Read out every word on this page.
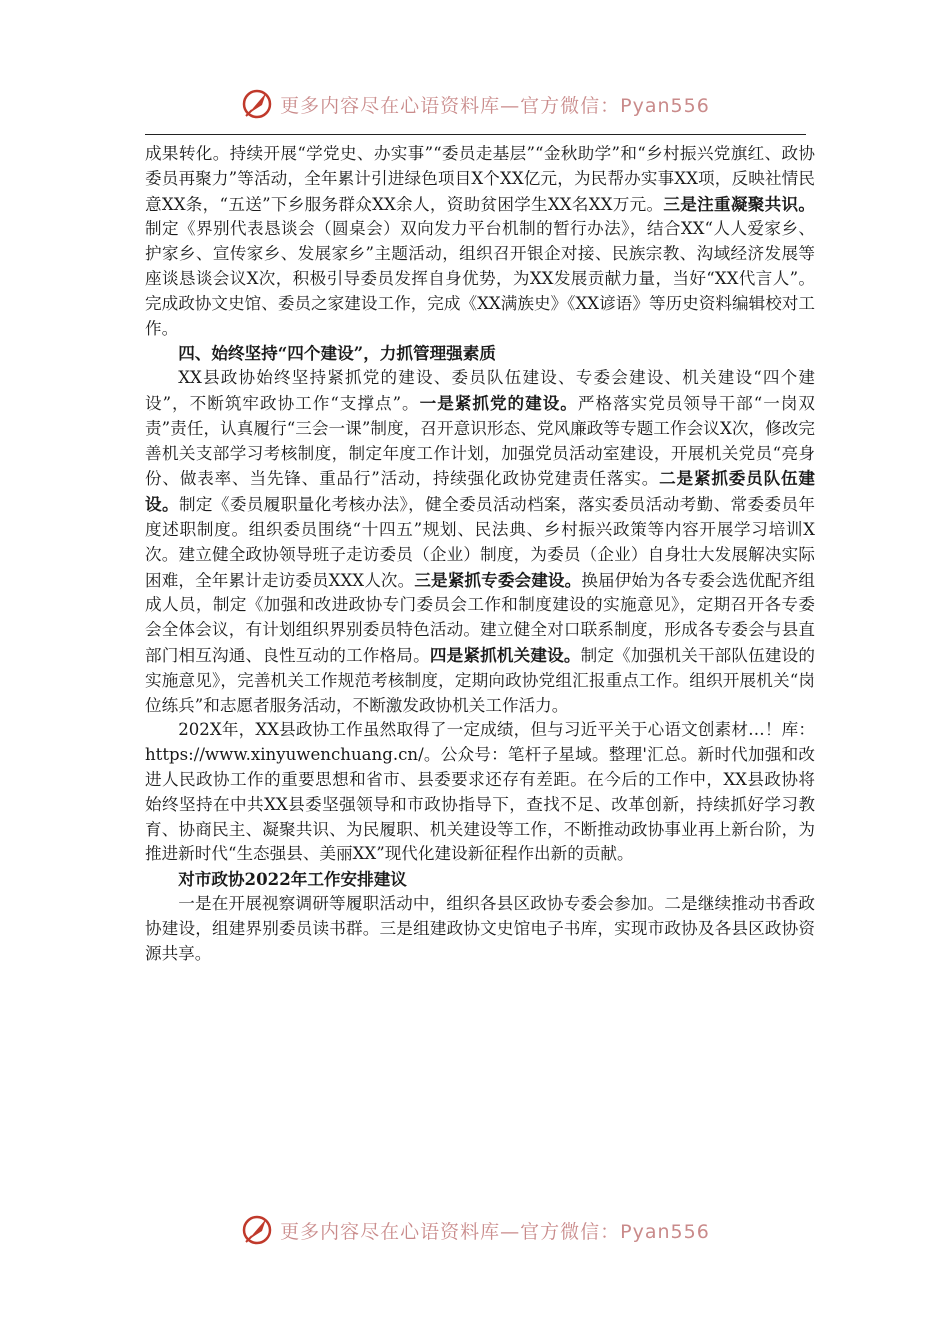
更多内容尽在心语资料库—官方微信：Pyan556

成果转化。持续开展“学党史、办实事”“委员走基层”“金秋助学”和“乡村振兴党旗红、政协委员再聚力”等活动，全年累计引进绿色项目X个XX亿元，为民帮办实事XX项，反映社情民意XX条，“五送”下乡服务群众XX余人，资助贫困学生XX名XX万元。三是注重凝聚共识。制定《界别代表恳谈会（圆桌会）双向发力平台机制的暂行办法》，结合XX“人人爱家乡、护家乡、宣传家乡、发展家乡”主题活动，组织召开银企对接、民族宗教、沟域经济发展等座谈恳谈会议X次，积极引导委员发挥自身优势，为XX发展贡献力量，当好“XX代言人”。完成政协文史馆、委员之家建设工作，完成《XX满族史》《XX谚语》等历史资料编辑校对工作。

四、始终坚持“四个建设”，力抓管理强素质

XX县政协始终坚持紧抓党的建设、委员队伍建设、专委会建设、机关建设“四个建设”，不断筑牢政协工作“支撑点”。一是紧抓党的建设。严格落实党员领导干部“一岗双责”责任，认真履行“三会一课”制度，召开意识形态、党风廉政等专题工作会议X次，修改完善机关支部学习考核制度，制定年度工作计划，加强党员活动室建设，开展机关党员“亮身份、做表率、当先锋、重品行”活动，持续强化政协党建责任落实。二是紧抓委员队伍建设。制定《委员履职量化考核办法》，健全委员活动档案，落实委员活动考勤、常委委员年度述职制度。组织委员围绕“十四五”规划、民法典、乡村振兴政策等内容开展学习培训X次。建立健全政协领导班子走访委员（企业）制度，为委员（企业）自身壮大发展解决实际困难，全年累计走访委员XXX人次。三是紧抓专委会建设。换届伊始为各专委会选优配齐组成人员，制定《加强和改进政协专门委员会工作和制度建设的实施意见》，定期召开各专委会全体会议，有计划组织界别委员特色活动。建立健全对口联系制度，形成各专委会与县直部门相互沟通、良性互动的工作格局。四是紧抓机关建设。制定《加强机关干部队伍建设的实施意见》，完善机关工作规范考核制度，定期向政协党组汇报重点工作。组织开展机关“岗位练兵”和志愿者服务活动，不断激发政协机关工作活力。

202X年，XX县政协工作虽然取得了一定成绩，但与习近平关于心语文创素材…！库：https://www.xinyuwenchuang.cn/。公众号：笔杆子星域。整理'汇总。新时代加强和改进人民政协工作的重要思想和省市、县委要求还存有差距。在今后的工作中，XX县政协将始终坚持在中共XX县委坚强领导和市政协指导下，查找不足、改革创新，持续抓好学习教育、协商民主、凝聚共识、为民履职、机关建设等工作，不断推动政协事业再上新台阶，为推进新时代“生态强县、美丽XX”现代化建设新征程作出新的贡献。

对市政协2022年工作安排建议

一是在开展视察调研等履职活动中，组织各县区政协专委会参加。二是继续推动书香政协建设，组建界别委员读书群。三是组建政协文史馆电子书库，实现市政协及各县区政协资源共享。

更多内容尽在心语资料库—官方微信：Pyan556
